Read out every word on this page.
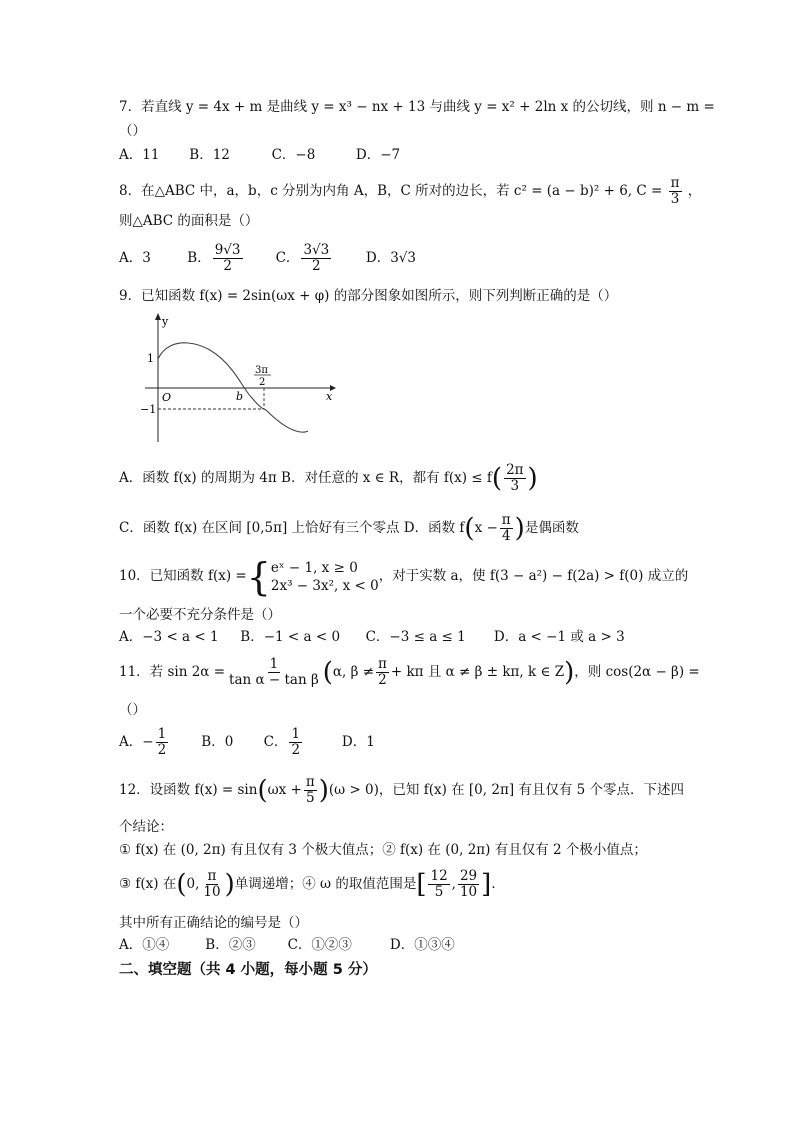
7．若直线 y = 4x + m 是曲线 y = x³ − nx + 13 与曲线 y = x² + 2ln x 的公切线，则 n − m =
（）
A．11 B．12	C．−8	D．−7
8．在△ABC 中，a，b，c 分别为内角 A，B，C 所对的边长，若 c² = (a − b)² + 6, $C = \frac{\pi}{3}$ ，
则△ABC 的面积是（）
A．3	B． $\frac{9√3}{2}$ C． $\frac{3√3}{2}$	D．3√3
9．已知函数 f(x) = 2sin(ωx + φ) 的部分图象如图所示，则下列判断正确的是（）
y
x
O
1
−1
b
3π
2
A．函数 f(x) 的周期为 4π B．对任意的 x ∈ R，都有 $f(x) \le f( \frac{2\pi}{3}$ )
C．函数 f(x) 在区间 [0,5π] 上恰好有三个零点 D．函数 $f(x - \frac{\pi}{4}$ )是偶函数
10．已知函数 f(x) ={ eˣ − 1, x ≥ 0
2x³ − 3x², x < 0
，对于实数 a，使 f(3 − a²) − f(2a) > f(0) 成立的
一个必要不充分条件是（）
A．−3 < a < 1 B．−1 < a < 0 C．−3 ≤ a ≤ 1 D．a < −1 或 a > 3
11．若 $\sin 2\alpha = \frac{1}{\text{tan α − tan β}} (\alpha$, $\beta \ne \frac{\pi}{2} + k\pi$ 且 α ≠ β ± kπ, k ∈ Z)，则 cos(2α − β) =
（）
A．− $\frac{1}{2}$ B．0 C． $\frac{1}{2}$	D．1
12．设函数 $f(x) = \sin(\omega x + \frac{\pi}{5} )(\omega > 0)$，已知 f(x) 在 [0, 2π] 有且仅有 5 个零点．下述四
个结论：
① f(x) 在 (0, 2π) 有且仅有 3 个极大值点；② f(x) 在 (0, 2π) 有且仅有 2 个极小值点；
③ f(x) 在(0, $\frac{\pi}{10}$ )单调递增；④ ω 的取值范围是[ $\frac{12}{5}$ , $\frac{29}{10}$ ]．
其中所有正确结论的编号是（）
A．①④	B．②③ C．①②③	D．①③④
二、填空题（共 4 小题，每小题 5 分）
